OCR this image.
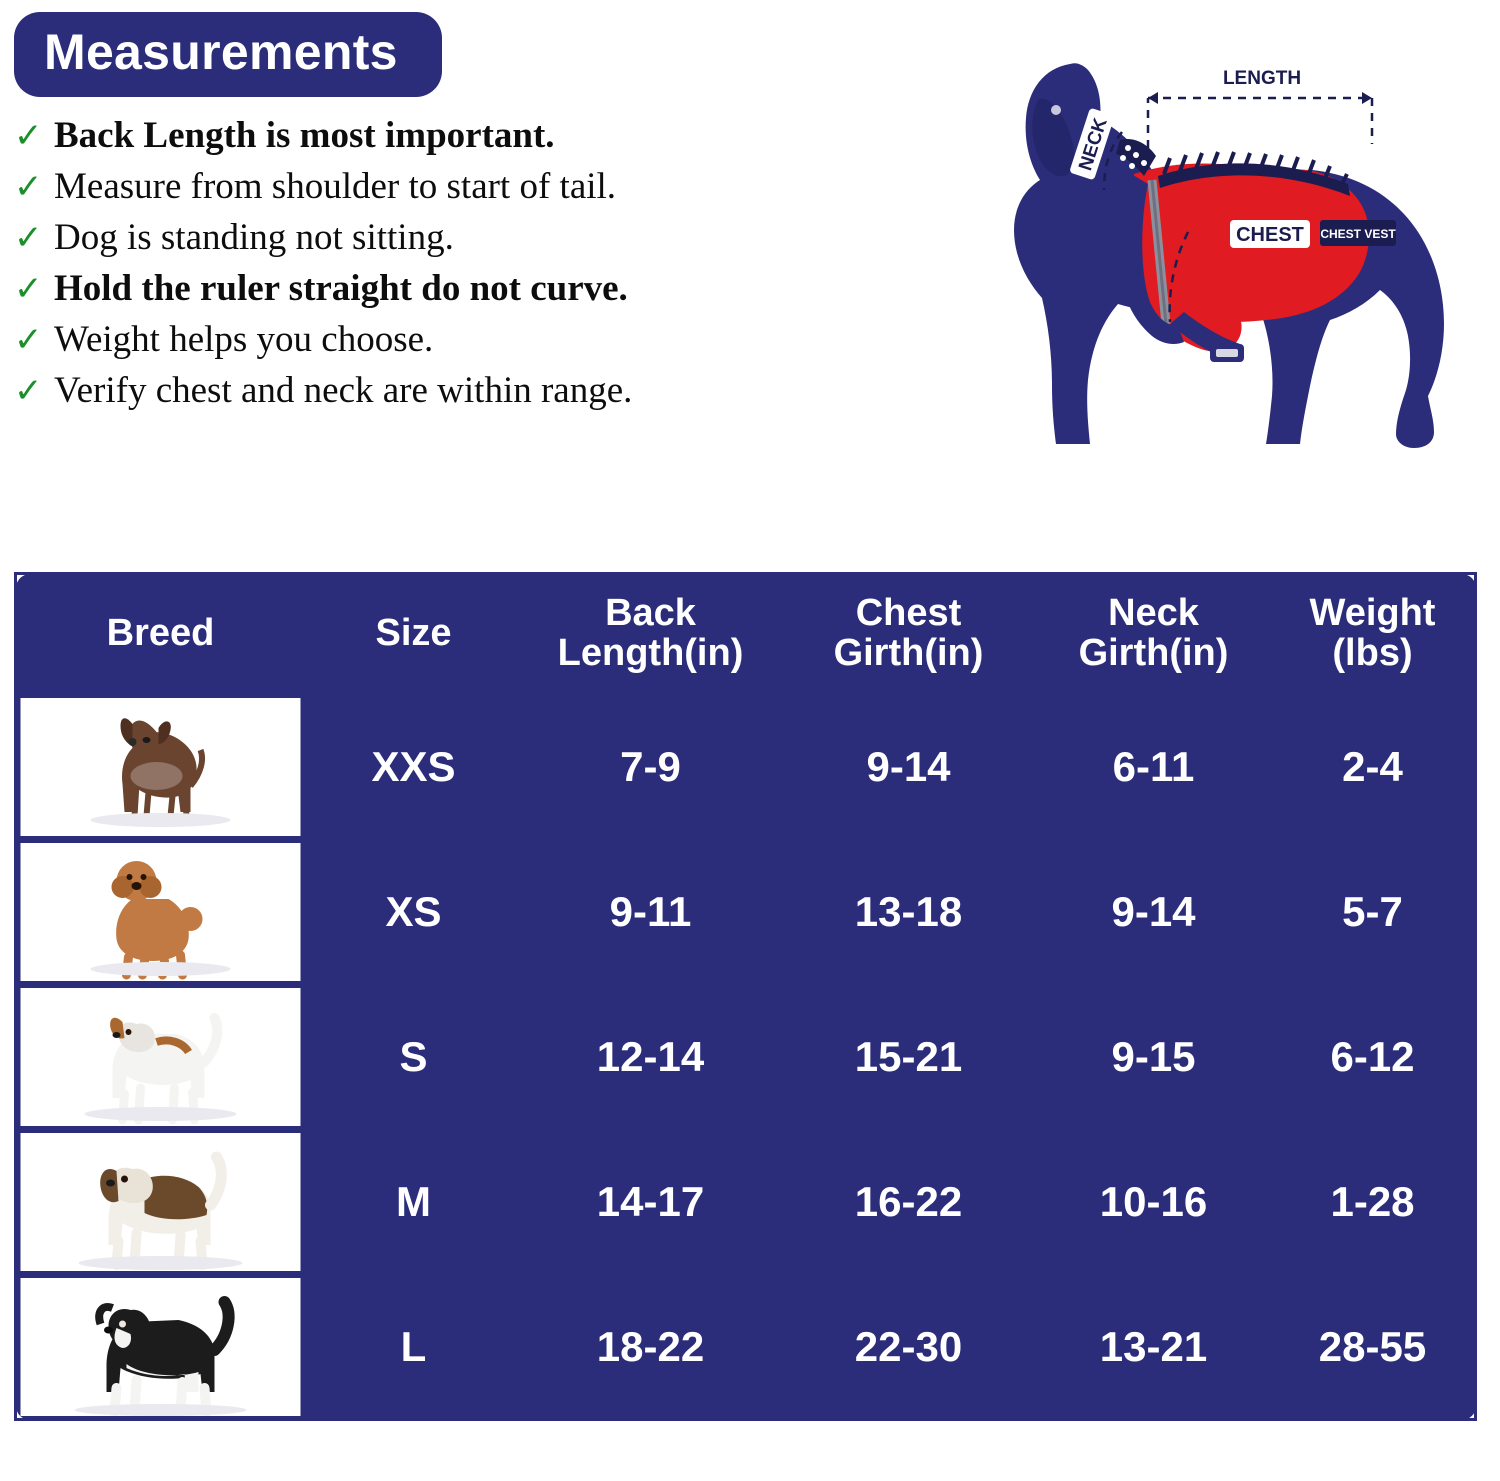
Measurements
✓ Back Length is most important.
✓ Measure from shoulder to start of tail.
✓ Dog is standing not sitting.
✓ Hold the ruler straight do not curve.
✓ Weight helps you choose.
✓ Verify chest and neck are within range.
LENGTH
NECK
CHEST CHEST VEST
Breed	Size	Back Length(in)	Chest Girth(in)	Neck Girth(in)	Weight (lbs)

	XXS	7-9	9-14	6-11	2-4

	XS	9-11	13-18	9-14	5-7

	S	12-14	15-21	9-15	6-12

	M	14-17	16-22	10-16	1-28

	L	18-22	22-30	13-21	28-55
